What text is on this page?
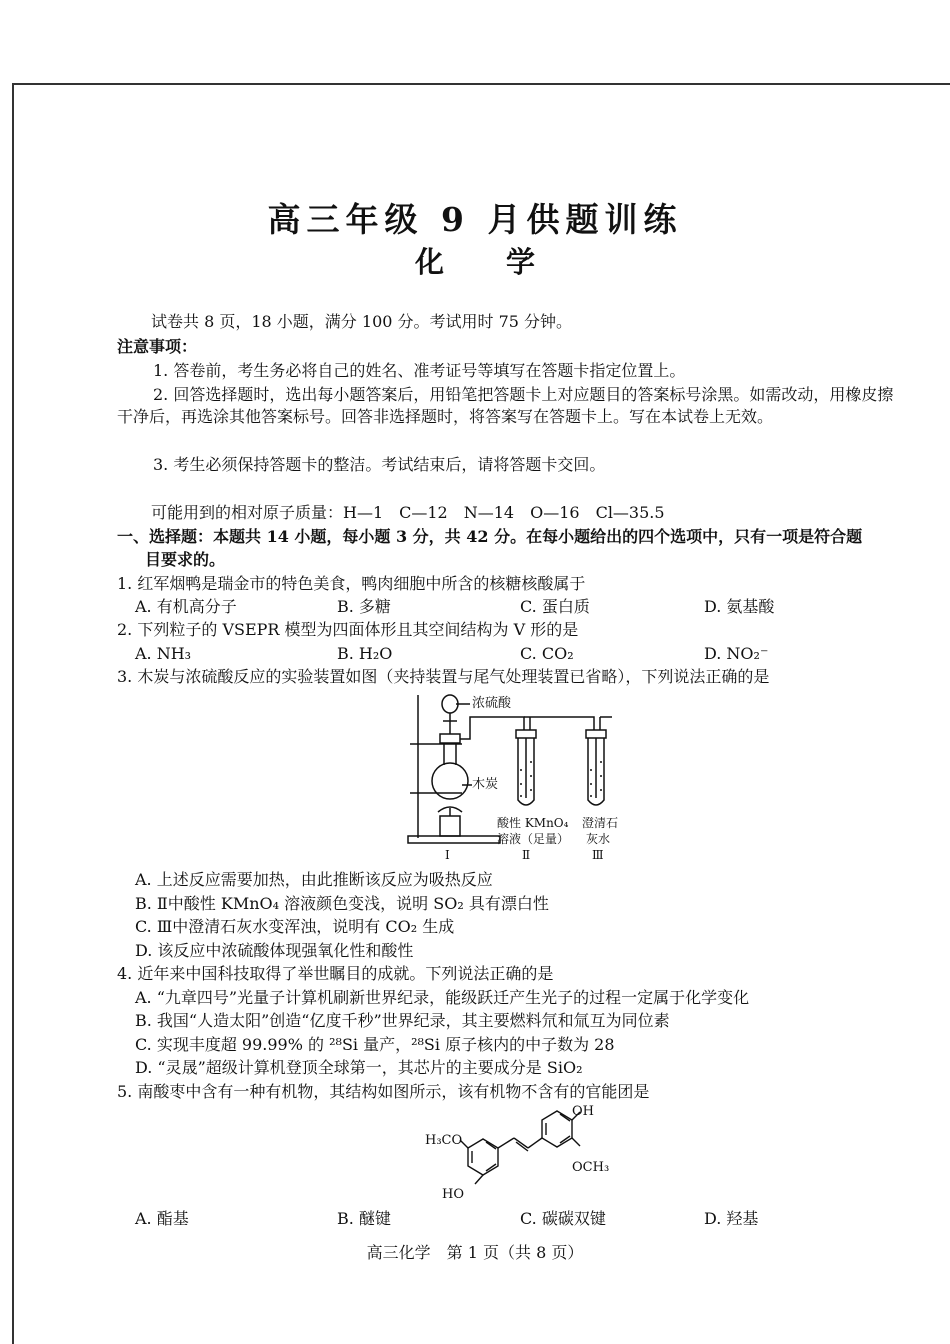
高三年级 9 月供题训练
化 学
试卷共 8 页，18 小题，满分 100 分。考试用时 75 分钟。
注意事项：
1. 答卷前，考生务必将自己的姓名、准考证号等填写在答题卡指定位置上。
2. 回答选择题时，选出每小题答案后，用铅笔把答题卡上对应题目的答案标号涂黑。如需改动，用橡皮擦干净后，再选涂其他答案标号。回答非选择题时，将答案写在答题卡上。写在本试卷上无效。
3. 考生必须保持答题卡的整洁。考试结束后，请将答题卡交回。
可能用到的相对原子质量：H—1　C—12　N—14　O—16　Cl—35.5
一、选择题：本题共 14 小题，每小题 3 分，共 42 分。在每小题给出的四个选项中，只有一项是符合题
目要求的。
1. 红军烟鸭是瑞金市的特色美食，鸭肉细胞中所含的核糖核酸属于
A. 有机高分子	B. 多糖	C. 蛋白质	D. 氨基酸
2. 下列粒子的 VSEPR 模型为四面体形且其空间结构为 V 形的是
A. NH₃	B. H₂O	C. CO₂	D. NO₂⁻
3. 木炭与浓硫酸反应的实验装置如图（夹持装置与尾气处理装置已省略），下列说法正确的是
浓硫酸
木炭
酸性 KMnO₄
溶液（足量）
澄清石
灰水
Ⅰ	Ⅱ	Ⅲ
A. 上述反应需要加热，由此推断该反应为吸热反应
B. Ⅱ中酸性 KMnO₄ 溶液颜色变浅，说明 SO₂ 具有漂白性
C. Ⅲ中澄清石灰水变浑浊，说明有 CO₂ 生成
D. 该反应中浓硫酸体现强氧化性和酸性
4. 近年来中国科技取得了举世瞩目的成就。下列说法正确的是
A. “九章四号”光量子计算机刷新世界纪录，能级跃迁产生光子的过程一定属于化学变化
B. 我国“人造太阳”创造“亿度千秒”世界纪录，其主要燃料氘和氚互为同位素
C. 实现丰度超 99.99% 的 ²⁸Si 量产，²⁸Si 原子核内的中子数为 28
D. “灵晟”超级计算机登顶全球第一，其芯片的主要成分是 SiO₂
5. 南酸枣中含有一种有机物，其结构如图所示，该有机物不含有的官能团是
OH
H₃CO
OCH₃
HO
A. 酯基	B. 醚键	C. 碳碳双键	D. 羟基
高三化学　第 1 页（共 8 页）
